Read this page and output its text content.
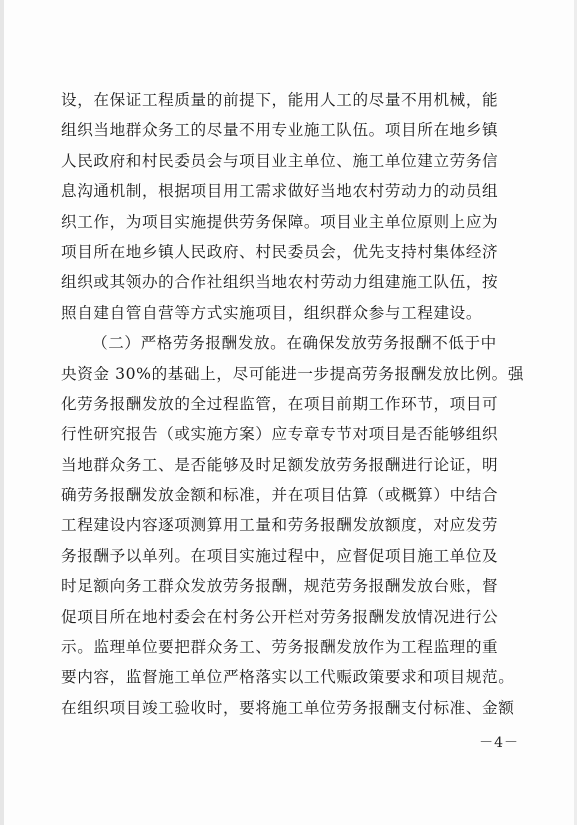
设，在保证工程质量的前提下，能用人工的尽量不用机械，能
组织当地群众务工的尽量不用专业施工队伍。项目所在地乡镇
人民政府和村民委员会与项目业主单位、施工单位建立劳务信
息沟通机制，根据项目用工需求做好当地农村劳动力的动员组
织工作，为项目实施提供劳务保障。项目业主单位原则上应为
项目所在地乡镇人民政府、村民委员会，优先支持村集体经济
组织或其领办的合作社组织当地农村劳动力组建施工队伍，按
照自建自管自营等方式实施项目，组织群众参与工程建设。
（二）严格劳务报酬发放。在确保发放劳务报酬不低于中
央资金 30%的基础上，尽可能进一步提高劳务报酬发放比例。强
化劳务报酬发放的全过程监管，在项目前期工作环节，项目可
行性研究报告（或实施方案）应专章专节对项目是否能够组织
当地群众务工、是否能够及时足额发放劳务报酬进行论证，明
确劳务报酬发放金额和标准，并在项目估算（或概算）中结合
工程建设内容逐项测算用工量和劳务报酬发放额度，对应发劳
务报酬予以单列。在项目实施过程中，应督促项目施工单位及
时足额向务工群众发放劳务报酬，规范劳务报酬发放台账，督
促项目所在地村委会在村务公开栏对劳务报酬发放情况进行公
示。监理单位要把群众务工、劳务报酬发放作为工程监理的重
要内容，监督施工单位严格落实以工代赈政策要求和项目规范。
在组织项目竣工验收时，要将施工单位劳务报酬支付标准、金额
－4－
